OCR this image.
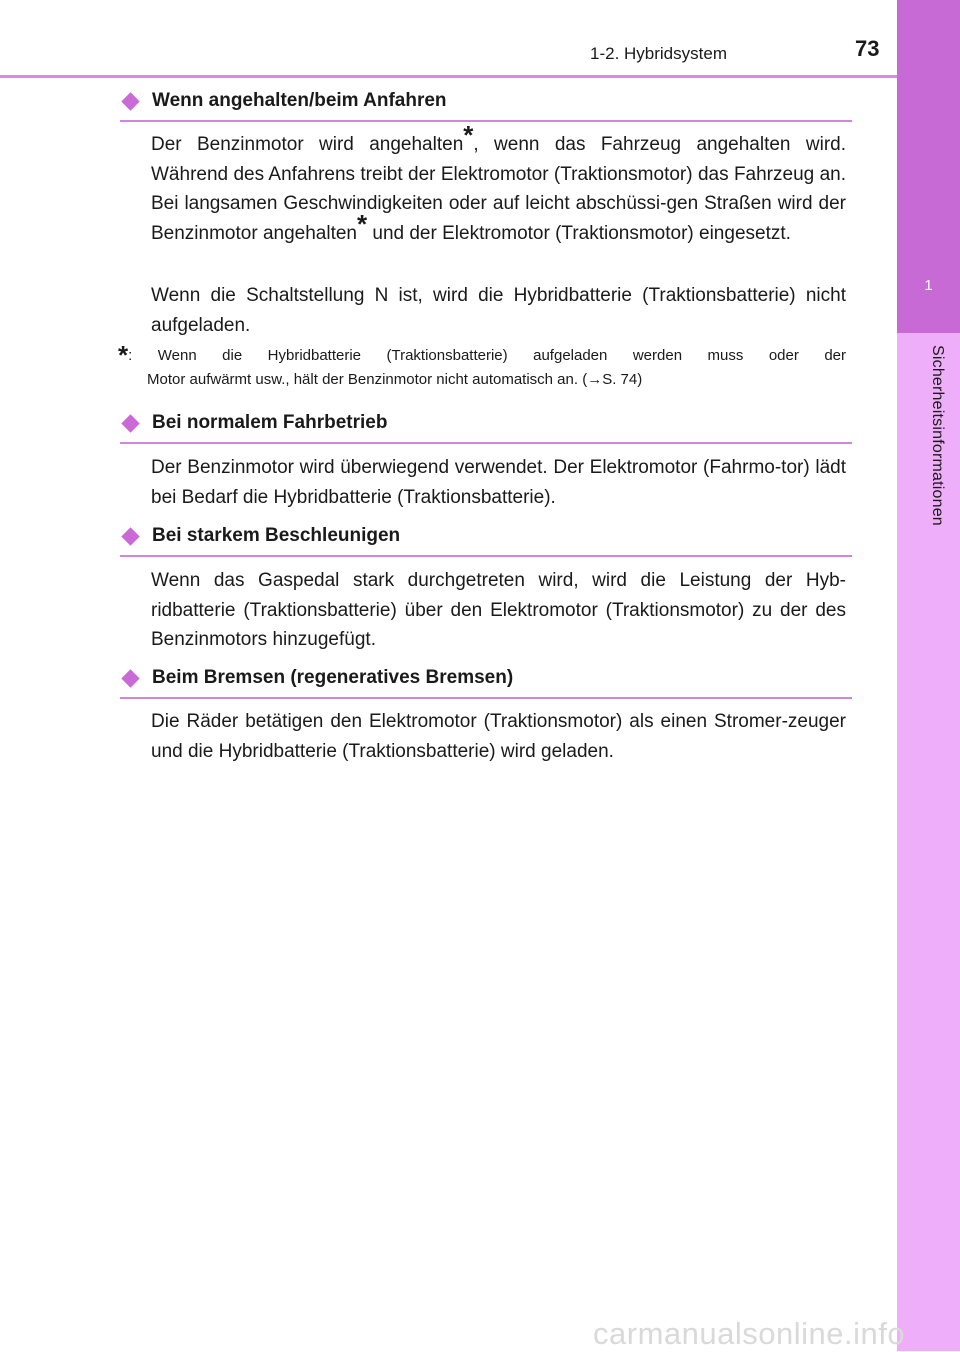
1-2. Hybridsystem	73
1
Sicherheitsinformationen
Wenn angehalten/beim Anfahren
Der Benzinmotor wird angehalten*, wenn das Fahrzeug angehalten wird. Während des Anfahrens treibt der Elektromotor (Traktionsmotor) das Fahrzeug an. Bei langsamen Geschwindigkeiten oder auf leicht abschüssi-gen Straßen wird der Benzinmotor angehalten* und der Elektromotor (Traktionsmotor) eingesetzt.
Wenn die Schaltstellung N ist, wird die Hybridbatterie (Traktionsbatterie) nicht aufgeladen.
*: Wenn die Hybridbatterie (Traktionsbatterie) aufgeladen werden muss oder der
Motor aufwärmt usw., hält der Benzinmotor nicht automatisch an. (→S. 74)
Bei normalem Fahrbetrieb
Der Benzinmotor wird überwiegend verwendet. Der Elektromotor (Fahrmo-tor) lädt bei Bedarf die Hybridbatterie (Traktionsbatterie).
Bei starkem Beschleunigen
Wenn das Gaspedal stark durchgetreten wird, wird die Leistung der Hyb-ridbatterie (Traktionsbatterie) über den Elektromotor (Traktionsmotor) zu der des Benzinmotors hinzugefügt.
Beim Bremsen (regeneratives Bremsen)
Die Räder betätigen den Elektromotor (Traktionsmotor) als einen Stromer-zeuger und die Hybridbatterie (Traktionsbatterie) wird geladen.
carmanualsonline.info
